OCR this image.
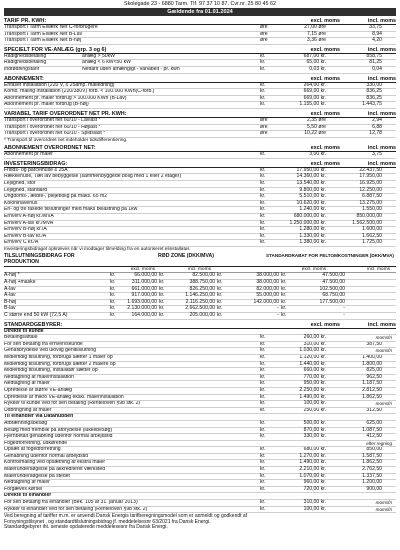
Skolegade 23 - 6880 Tarm. Tlf. 97 37 10 87. Cvr.nr. 25 80 45 62
Gældende fra 01.01.2024
TARIF PR. KWH:	excl. moms	incl. moms
Transport i Tarm Elværk Net C-forbrugere	øre	27,00 øre	33,75
Transport i Tarm Elværk Net B-Lav	øre	7,15 øre	8,94
Transport i Tarm Elværk Net B-høj	øre	3,36 øre	4,20
SPECIELT FOR VE-ANLÆG (grp. 3 og 6)	excl. moms	incl. moms
Rådighedsbetaling	anlæg > 50kW	kr.	687,00 kr.	858,75
Rådighedsbetaling	anlæg < 6 kW<50 kW	kr.	65,00 kr.	81,25
Indfødningstarif	Nettarif uden afhængigt - variabelt - pr. kwh	kr.	0,03 kr.	0,04
ABONNEMENT:	excl. moms	incl. moms
Enfaset installation (220 V, ≤ 25amp. målledning)	kr.	264,00 kr.	330,00
Komb. måling installation (220/380V) forb. < 100.000 KWh(C-forb.)	kr.	669,00 kr.	836,25
Abonnement pr. måler forbrug > 100.000 KWh (B-Lav)	kr.	669,00 kr.	836,25
Abonnement pr. måler forbrug (B-høj)	kr.	1.155,00 kr.	1.443,75
VARIABEL TARIF OVERORDNET NET PR. KWH:	excl. moms	incl. moms
Transport i overordnet net 60/10 - Lavlast *	øre	2,35 øre	2,94
Transport i overordnet net 60/10 - Højlast *	øre	5,50 øre	6,88
Transport i overordnet net 60/10 - Spidslast *	øre	10,22 øre	12,78
* Transport til overordnet net indeholder tidsdifferentiering.
ABONNEMENT OVERORDNET NET:	excl. moms	incl. moms
Abonnement pr måler	kr.	3,00 kr.	3,75
INVESTERINGSBIDRAG:	excl. moms	incl. moms
Fritids- og parcelhuse ≤ 25A	kr.	17.950,00 kr.	22.437,50
Rækkehuse, Tæt lav bebyggelse (sammenbyggede bolig med 1 eller 2 etager)	kr.	14.360,00 kr.	17.950,00
Lejlighed, stor	kr.	13.540,00 kr.	16.925,00
Lejlighed, standard	kr.	9.800,00 kr.	12.250,00
Ungdoms-, ældre-, plejebolig på maks. 65 m2	kr.	5.510,00 kr.	6.887,50
Kolonihavehus	kr.	10.620,00 kr.	13.275,00
En- og tre fasede tilslutninger med maks belastning på 1kw	kr.	1.240,00 kr.	1.550,00
Erhverv A-høj kr./MVA	kr.	680.000,00 kr.	850.000,00
Erhverv A-lav kr./MVA	kr.	1.250.000,00 kr.	1.562.500,00
Erhverv B-høj kr./A	kr.	1.280,00 kr.	1.600,00
Erhverv B-lav kr./A	kr.	1.330,00 kr.	1.662,50
Erhverv C kr./A	kr.	1.380,00 kr.	1.725,00
Investeringsbidraget opkræves når vi modtager tilmelding fra en autoriseret elinstallatør.
TILSLUTNINGSBIDRAG FOR PRODUKTION
RØD ZONE (DKK/MVA)	STANDARDRABAT FOR FELTOMKOSTNINGER (DKK/MVA)
excl. moms	incl. moms	excl. moms	incl. moms
A-høj *	kr.	66.000,00 kr.	82.500,00 kr.	38.000,00 kr.	47.500,00
A-høj +maske	kr.	311.000,00 kr.	388.750,00 kr.	38.000,00 kr.	47.500,00
A-lav	kr.	661.000,00 kr.	826.250,00 kr.	82.000,00 kr.	102.500,00
A-lav	kr.	917.000,00 kr.	1.146.250,00 kr.	55.000,00 kr.	68.750,00
B-høj	kr.	1.693.000,00 kr.	2.116.250,00 kr.	142.000,00 kr.	177.500,00
B-lav	kr.	2.130.000,00 kr.	2.662.500,00 kr.	- kr.	-
C større end 50 kW (72,5 A)	kr.	164.000,00 kr.	205.000,00 kr.	- kr.	-
STANDARDGEBYRER:	excl. moms	incl. moms
Direkte til kunde
Betalingsaftale	kr.	260,00 kr.	momsfri
For sen betaling fra erhvervskunde	kr.	310,00 kr.	387,50
Genaflbrydelse ved ulovlig genltilslutning	kr.	1.030,00 kr.	momsfri
Midlertidig tilslutning, forbrugs sætter 1 måler op	kr.	1.120,00 kr.	1.400,00
Midlertidig tilslutning, forbrugs sætter 2 målere op	kr.	1.440,00 kr.	1.800,00
Midlertidig tilslutning, installatør sætter op	kr.	660,00 kr.	825,00
Nedtagning af målerinstallation	kr.	770,00 kr.	962,50
Nedtagning af måler	kr.	950,00 kr.	1.187,50
Oprettelse af større VE-anlæg	kr.	2.250,00 kr.	2.812,50
Oprettelse af mikro VE-anlæg ekskl. målerinstallation	kr.	1.490,00 kr.	1.862,50
Rykker til kunde ved for sen betaling (Renteloven §9b stk. 2)	kr.	100,00 kr.	momsfri
Udbringning af måler	kr.	250,00 kr.	312,50
Til elhandler via Datahubben
Afbrænningsbesøg	kr.	500,00 kr.	625,00
Besøg med fremblik på afbrydelse (lukkebesøg)	kr.	870,00 kr.	1.087,50
Fjernbetalt genåbning udenfor normal arbejdstid	kr.	330,00 kr.	412,50
Fogedforretning, udkørende	efter regning
Opsæt af fogedforretning	kr.	680,00 kr.	850,00
Genåbning udenfor normal arbejdstid	kr.	1.270,00 kr.	1.587,50
Kontrolmåling ved opsætning af ekstra måler	kr.	1.490,00 kr.	1.862,50
Målerundersøgelse på akkrediteret værksted	kr.	2.210,00 kr.	2.762,50
Målerundersøgelse på stedet	kr.	1.070,00 kr.	1.337,50
Nedtagning af måler	kr.	960,00 kr.	1.200,00
Forgæves kørsel	kr.	720,00 kr.	900,00
Direkte til elhandler
For sen betaling fra elhandler (Bek. 105 af 31. januar 2013)	kr.	310,00 kr.	momsfri
Rykker til elhandler ved for sen betaling (Renteloven §9b stk. 2)	kr.	100,00 kr.	momsfri
Ved beregning af tariffer m.m. er anvendt Dansk Energis tarifberegningsmodel som er anmeldt og godkendt af
Forsyningstilsynet , og standardtilslutningsbidrag jf. meddelelsesnr 63/2021 fra Dansk Energi.
Standardgebyrer iht. seneste opdaterede meddelesesnr fra Dansk Energi.
